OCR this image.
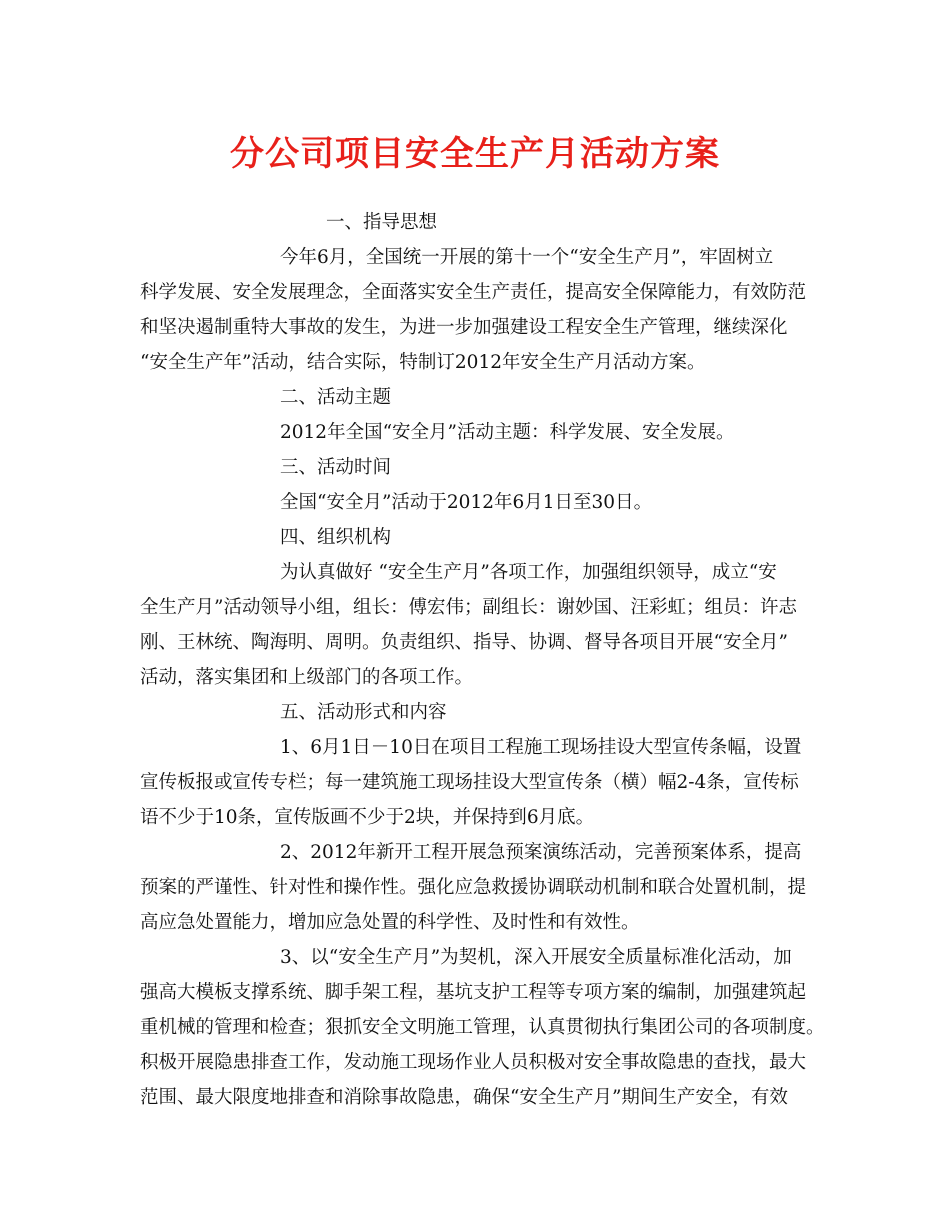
分公司项目安全生产月活动方案
一、指导思想
今年6月，全国统一开展的第十一个“安全生产月”，牢固树立
科学发展、安全发展理念，全面落实安全生产责任，提高安全保障能力，有效防范
和坚决遏制重特大事故的发生，为进一步加强建设工程安全生产管理，继续深化
“安全生产年”活动，结合实际，特制订2012年安全生产月活动方案。
二、活动主题
2012年全国“安全月”活动主题：科学发展、安全发展。
三、活动时间
全国“安全月”活动于2012年6月1日至30日。
四、组织机构
为认真做好 “安全生产月”各项工作，加强组织领导，成立“安
全生产月”活动领导小组，组长：傅宏伟；副组长：谢妙国、汪彩虹；组员：许志
刚、王林统、陶海明、周明。负责组织、指导、协调、督导各项目开展“安全月”
活动，落实集团和上级部门的各项工作。
五、活动形式和内容
1、6月1日－10日在项目工程施工现场挂设大型宣传条幅，设置
宣传板报或宣传专栏；每一建筑施工现场挂设大型宣传条（横）幅2-4条，宣传标
语不少于10条，宣传版画不少于2块，并保持到6月底。
2、2012年新开工程开展急预案演练活动，完善预案体系，提高
预案的严谨性、针对性和操作性。强化应急救援协调联动机制和联合处置机制，提
高应急处置能力，增加应急处置的科学性、及时性和有效性。
3、以“安全生产月”为契机，深入开展安全质量标准化活动，加
强高大模板支撑系统、脚手架工程，基坑支护工程等专项方案的编制，加强建筑起
重机械的管理和检查；狠抓安全文明施工管理，认真贯彻执行集团公司的各项制度。
积极开展隐患排查工作，发动施工现场作业人员积极对安全事故隐患的查找，最大
范围、最大限度地排查和消除事故隐患，确保“安全生产月”期间生产安全，有效
